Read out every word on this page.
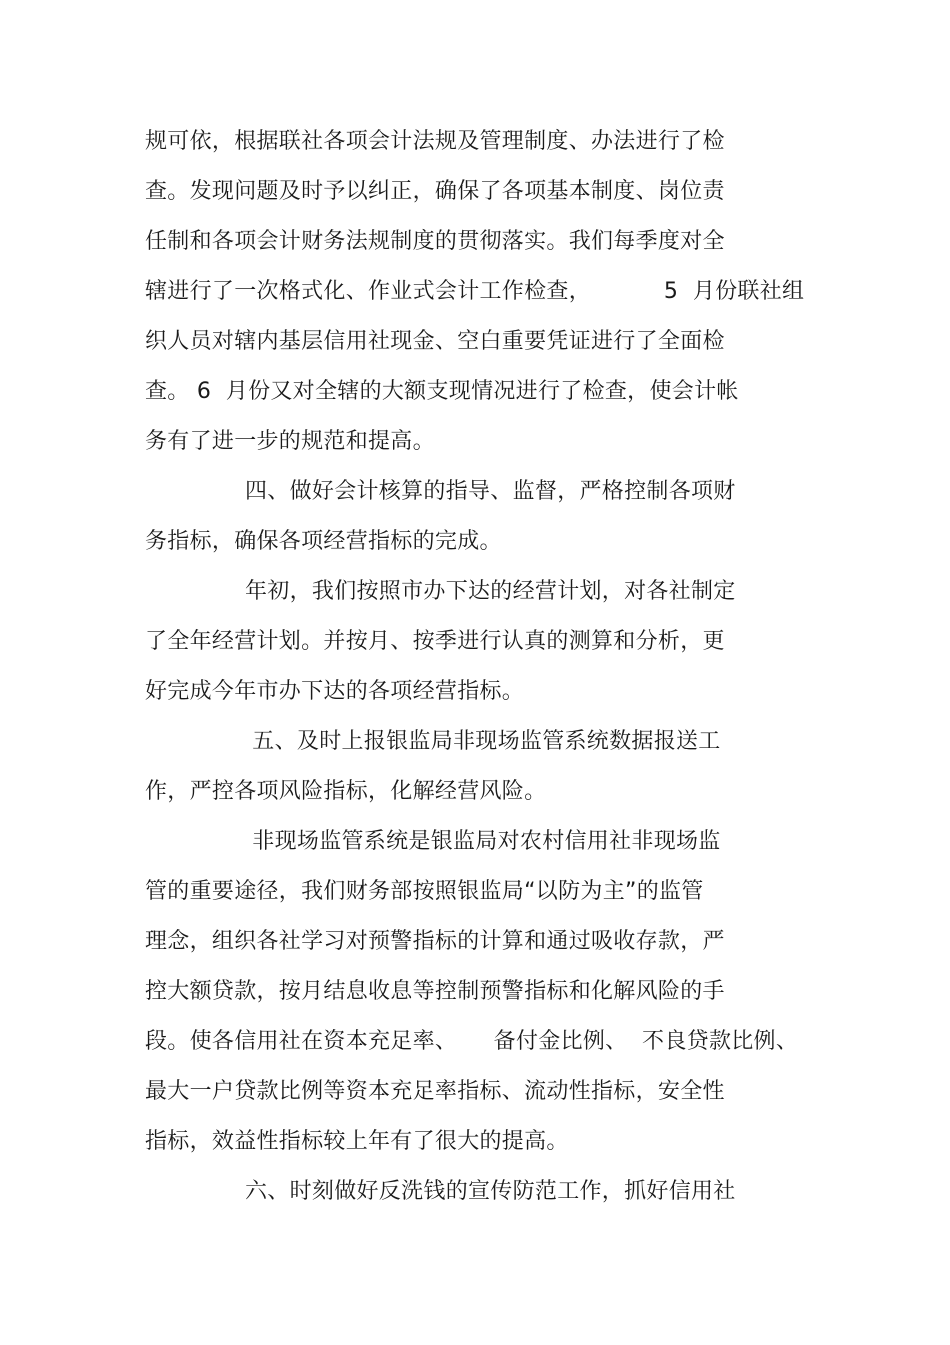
规可依，根据联社各项会计法规及管理制度、办法进行了检
查。发现问题及时予以纠正，确保了各项基本制度、岗位责
任制和各项会计财务法规制度的贯彻落实。我们每季度对全
辖进行了一次格式化、作业式会计工作检查，          5  月份联社组
织人员对辖内基层信用社现金、空白重要凭证进行了全面检
查。 6  月份又对全辖的大额支现情况进行了检查，使会计帐
务有了进一步的规范和提高。
四、做好会计核算的指导、监督，严格控制各项财
务指标，确保各项经营指标的完成。
年初，我们按照市办下达的经营计划，对各社制定
了全年经营计划。并按月、按季进行认真的测算和分析，更
好完成今年市办下达的各项经营指标。
五、及时上报银监局非现场监管系统数据报送工
作，严控各项风险指标，化解经营风险。
非现场监管系统是银监局对农村信用社非现场监
管的重要途径，我们财务部按照银监局“以防为主”的监管
理念，组织各社学习对预警指标的计算和通过吸收存款，严
控大额贷款，按月结息收息等控制预警指标和化解风险的手
段。使各信用社在资本充足率、     备付金比例、  不良贷款比例、
最大一户贷款比例等资本充足率指标、流动性指标，安全性
指标，效益性指标较上年有了很大的提高。
六、时刻做好反洗钱的宣传防范工作，抓好信用社
